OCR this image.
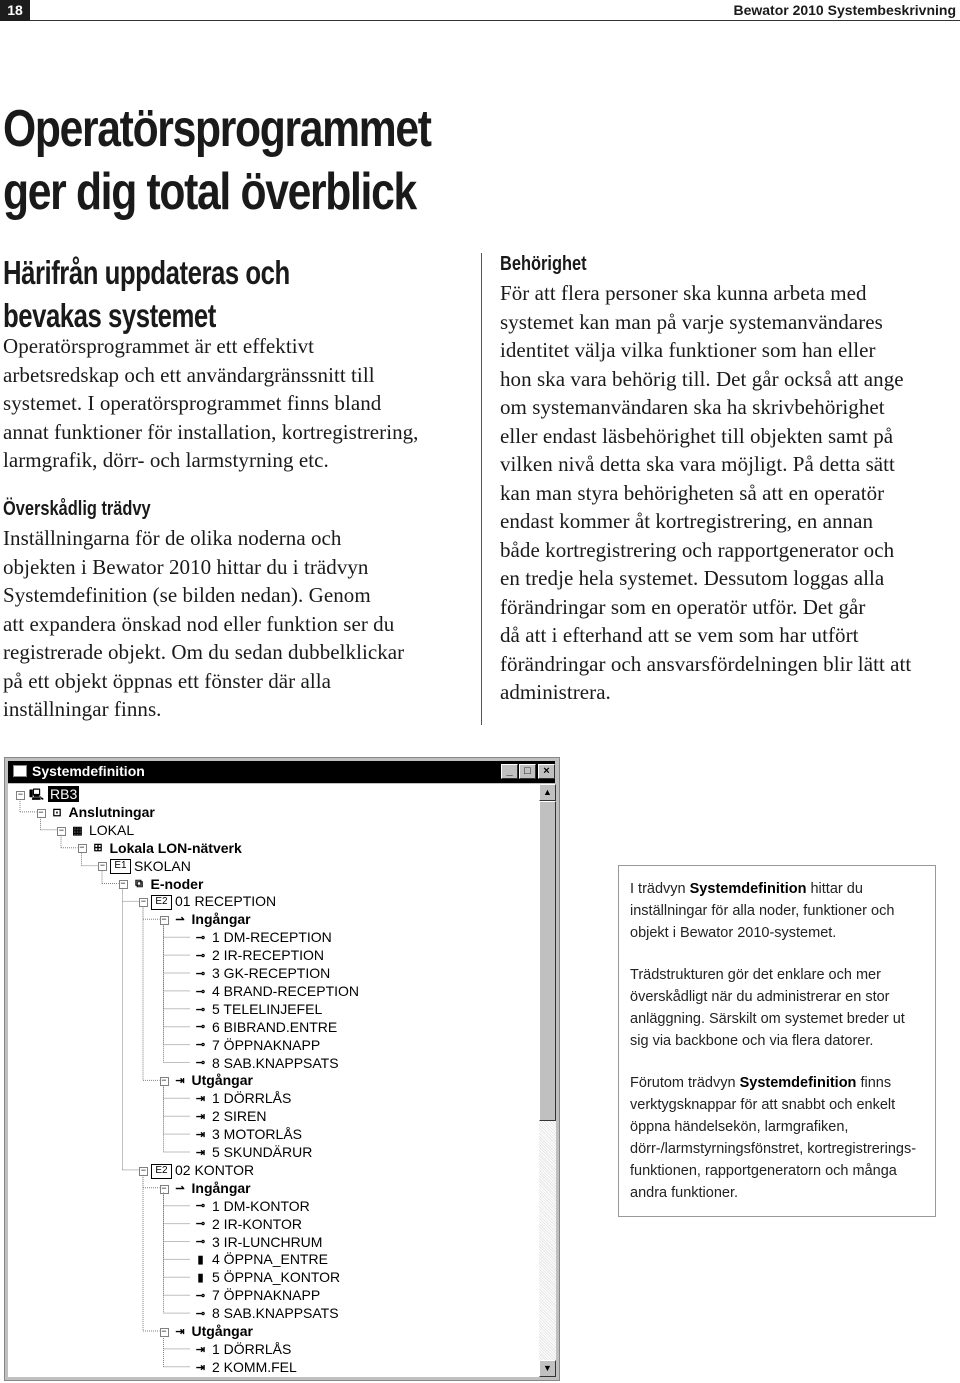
18	Bewator 2010 Systembeskrivning
Operatörsprogrammet
ger dig total överblick
Härifrån uppdateras och
bevakas systemet
Operatörsprogrammet är ett effektivt
arbetsredskap och ett användargränssnitt till
systemet. I operatörsprogrammet finns bland
annat funktioner för installation, kortregistrering,
larmgrafik, dörr- och larmstyrning etc.
Överskådlig trädvy
Inställningarna för de olika noderna och
objekten i Bewator 2010 hittar du i trädvyn
Systemdefinition (se bilden nedan). Genom
att expandera önskad nod eller funktion ser du
registrerade objekt. Om du sedan dubbelklickar
på ett objekt öppnas ett fönster där alla
inställningar finns.
Behörighet
För att flera personer ska kunna arbeta med
systemet kan man på varje systemanvändares
identitet välja vilka funktioner som han eller
hon ska vara behörig till. Det går också att ange
om systemanvändaren ska ha skrivbehörighet
eller endast läsbehörighet till objekten samt på
vilken nivå detta ska vara möjligt. På detta sätt
kan man styra behörigheten så att en operatör
endast kommer åt kortregistrering, en annan
både kortregistrering och rapportgenerator och
en tredje hela systemet. Dessutom loggas alla
förändringar som en operatör utför. Det går
då att i efterhand att se vem som har utfört
förändringar och ansvarsfördelningen blir lätt att
administrera.
Systemdefinition	_	□	×
− 🖳 RB3
− ⊡ Anslutningar
− ▦ LOKAL
− ⊞ Lokala LON-nätverk
− E1 SKOLAN
− ⧉ E-noder
− E2 01 RECEPTION
− ⇀ Ingångar
⊸ 1 DM-RECEPTION
⊸ 2 IR-RECEPTION
⊸ 3 GK-RECEPTION
⊸ 4 BRAND-RECEPTION
⊸ 5 TELELINJEFEL
⊸ 6 BIBRAND.ENTRE
⊸ 7 ÖPPNAKNAPP
⊸ 8 SAB.KNAPPSATS
− ⇥ Utgångar
⇥ 1 DÖRRLÅS
⇥ 2 SIREN
⇥ 3 MOTORLÅS
⇥ 5 SKUNDÄRUR
− E2 02 KONTOR
− ⇀ Ingångar
⊸ 1 DM-KONTOR
⊸ 2 IR-KONTOR
⊸ 3 IR-LUNCHRUM
▮ 4 ÖPPNA_ENTRE
▮ 5 ÖPPNA_KONTOR
⊸ 7 ÖPPNAKNAPP
⊸ 8 SAB.KNAPPSATS
− ⇥ Utgångar
⇥ 1 DÖRRLÅS
⇥ 2 KOMM.FEL
▲
▼

I trädvyn Systemdefinition hittar du inställningar för alla noder, funktioner och objekt i Bewator 2010-systemet.

Trädstrukturen gör det enklare och mer överskådligt när du administrerar en stor anläggning. Särskilt om systemet breder ut sig via backbone och via flera datorer.

Förutom trädvyn Systemdefinition finns verktygsknappar för att snabbt och enkelt öppna händelsekön, larmgrafiken, dörr-/larmstyrningsfönstret, kortregistrerings-funktionen, rapportgeneratorn och många andra funktioner.
